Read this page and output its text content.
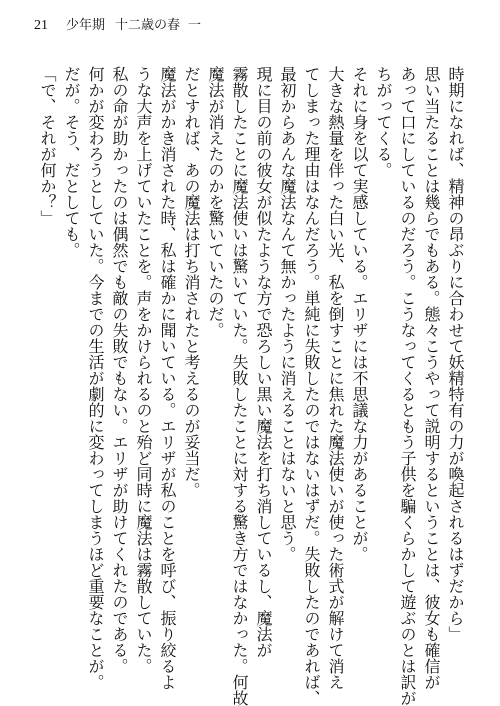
21 少年期 十二歳の春 一
時期になれば、精神の昂ぶりに合わせて妖精特有の力が喚起されるはずだから」
思い当たることは幾らでもある。態々こうやって説明するということは、彼女も確信が
あって口にしているのだろう。こうなってくるともう子供を騙くらかして遊ぶのとは訳が
ちがってくる。
それに身を以て実感している。エリザには不思議な力があることが。
大きな熱量を伴った白い光、私を倒すことに焦れた魔法使いが使った術式が解けて消え
てしまった理由はなんだろう。単純に失敗したのではないはずだ。失敗したのであれば、
最初からあんな魔法なんて無かったように消えることはないと思う。
現に目の前の彼女が似たような方で恐ろしい黒い魔法を打ち消しているし、魔法が
霧散したことに魔法使いは驚いていた。失敗したことに対する驚き方ではなかった。何故
魔法が消えたのかを驚いていたのだ。
だとすれば、あの魔法は打ち消されたと考えるのが妥当だ。
魔法がかき消された時、私は確かに聞いている。エリザが私のことを呼び、振り絞るよ
うな大声を上げていたことを。声をかけられるのと殆ど同時に魔法は霧散していた。
私の命が助かったのは偶然でも敵の失敗でもない。エリザが助けてくれたのである。
何かが変わろうとしていた。今までの生活が劇的に変わってしまうほど重要なことが。
だが。そう、だとしても。
「で、それが何か？」
